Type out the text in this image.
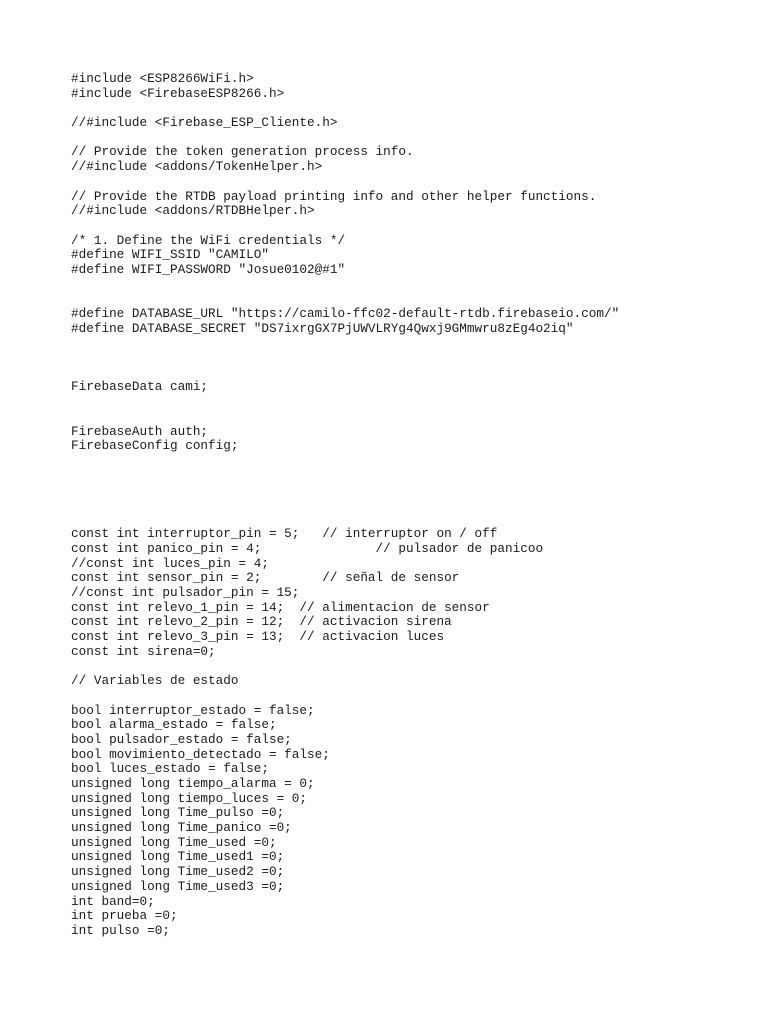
#include <ESP8266WiFi.h>
#include <FirebaseESP8266.h>
//#include <Firebase_ESP_Cliente.h>
// Provide the token generation process info.
//#include <addons/TokenHelper.h>
// Provide the RTDB payload printing info and other helper functions.
//#include <addons/RTDBHelper.h>
/* 1. Define the WiFi credentials */
#define WIFI_SSID "CAMILO"
#define WIFI_PASSWORD "Josue0102@#1"
#define DATABASE_URL "https://camilo-ffc02-default-rtdb.firebaseio.com/"
#define DATABASE_SECRET "DS7ixrgGX7PjUWVLRYg4Qwxj9GMmwru8zEg4o2iq"
FirebaseData cami;
FirebaseAuth auth;
FirebaseConfig config;
const int interruptor_pin = 5;   // interruptor on / off
const int panico_pin = 4;               // pulsador de panicoo
//const int luces_pin = 4;
const int sensor_pin = 2;        // señal de sensor
//const int pulsador_pin = 15;
const int relevo_1_pin = 14;  // alimentacion de sensor
const int relevo_2_pin = 12;  // activacion sirena
const int relevo_3_pin = 13;  // activacion luces
const int sirena=0;
// Variables de estado
bool interruptor_estado = false;
bool alarma_estado = false;
bool pulsador_estado = false;
bool movimiento_detectado = false;
bool luces_estado = false;
unsigned long tiempo_alarma = 0;
unsigned long tiempo_luces = 0;
unsigned long Time_pulso =0;
unsigned long Time_panico =0;
unsigned long Time_used =0;
unsigned long Time_used1 =0;
unsigned long Time_used2 =0;
unsigned long Time_used3 =0;
int band=0;
int prueba =0;
int pulso =0;
